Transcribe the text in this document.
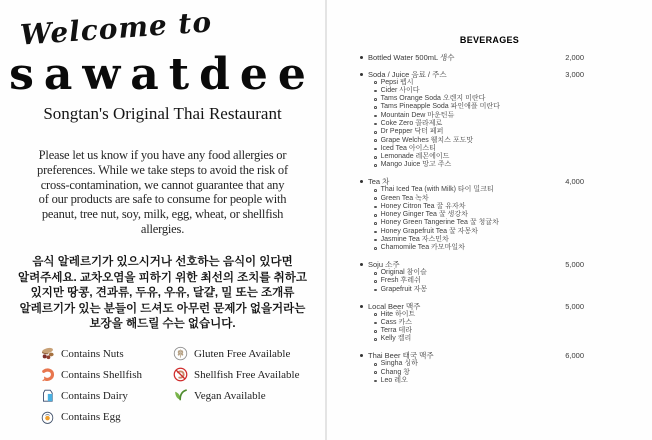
Welcome to
sawatdee
Songtan's Original Thai Restaurant
Please let us know if you have any food allergies or
preferences. While we take steps to avoid the risk of
cross-contamination, we cannot guarantee that any
of our products are safe to consume for people with
peanut, tree nut, soy, milk, egg, wheat, or shellfish
allergies.
음식 알레르기가 있으시거나 선호하는 음식이 있다면
알려주세요. 교차오염을 피하기 위한 최선의 조치를 취하고
있지만 땅콩, 견과류, 두유, 우유, 달걀, 밀 또는 조개류
알레르기가 있는 분들이 드셔도 아무런 문제가 없을거라는
보장을 해드릴 수는 없습니다.
Contains Nuts
Contains Shellfish
Contains Dairy
Contains Egg
Gluten Free Available
Shellfish Free Available
Vegan Available
BEVERAGES
Bottled Water 500mL 생수	2,000
Soda / Juice 음료 / 주스	3,000
Pepsi 펩시
Cider 사이다
Tams Orange Soda 오렌지 미란다
Tams Pineapple Soda 파인애플 미란다
Mountain Dew 마운틴듀
Coke Zero 콜라제로
Dr Pepper 닥터 페퍼
Grape Welches 웰치스 포도맛
Iced Tea 아이스티
Lemonade 레몬에이드
Mango Juice 망고 주스
Tea 차	4,000
Thai Iced Tea (with Milk) 타이 밀크티
Green Tea 녹차
Honey Citron Tea 꿀 유자차
Honey Ginger Tea 꿀 생강차
Honey Green Tangerine Tea 꿀 청귤차
Honey Grapefruit Tea 꿀 자몽차
Jasmine Tea 자스민차
Chamomile Tea 카모마일차
Soju 소주	5,000
Original 참이슬
Fresh 후레쉬
Grapefruit 자몽
Local Beer 맥주	5,000
Hite 하이트
Cass 카스
Terra 테라
Kelly 켈리
Thai Beer 태국 맥주	6,000
Singha 싱하
Chang 창
Leo 레오
